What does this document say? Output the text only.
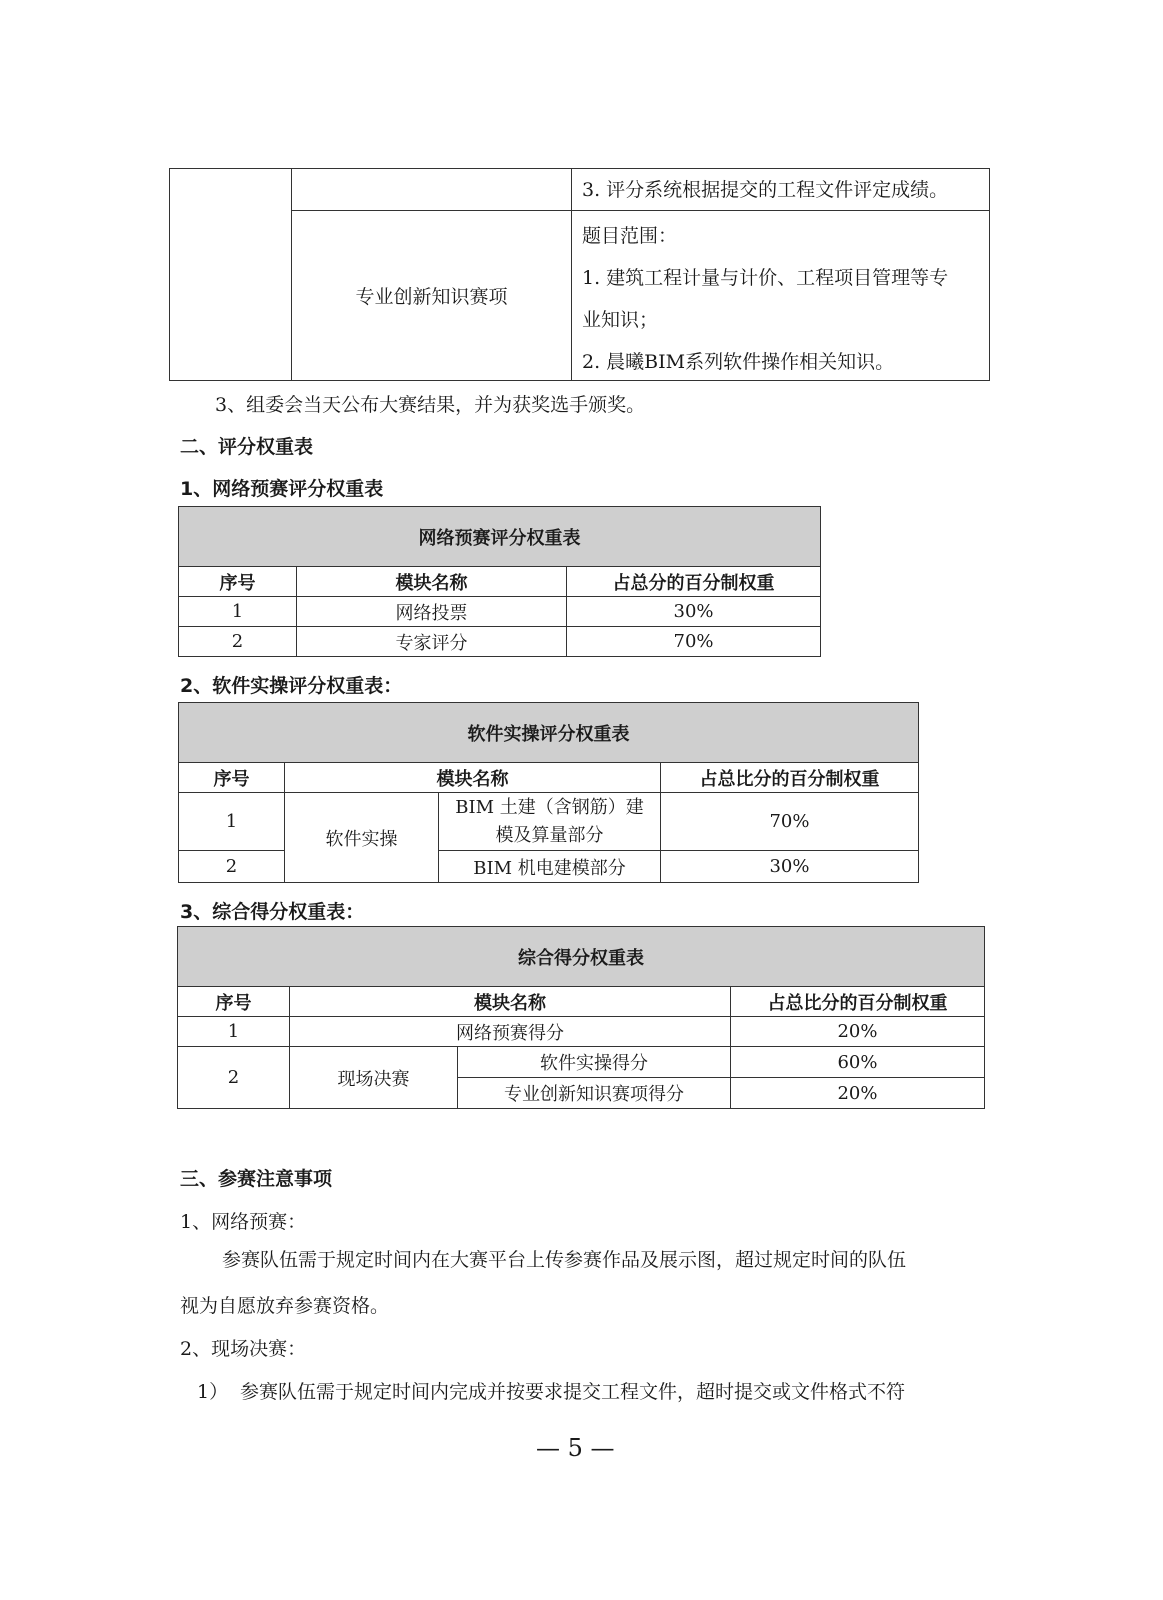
		3. 评分系统根据提交的工程文件评定成绩。
	专业创新知识赛项	题目范围：
1. 建筑工程计量与计价、工程项目管理等专
业知识；
2. 晨曦BIM系列软件操作相关知识。
3、组委会当天公布大赛结果，并为获奖选手颁奖。
二、评分权重表
1、网络预赛评分权重表
网络预赛评分权重表		
序号	模块名称	占总分的百分制权重
1	网络投票	30%
2	专家评分	70%
2、软件实操评分权重表：
软件实操评分权重表			
序号	模块名称		占总比分的百分制权重
1	软件实操	BIM 土建（含钢筋）建
模及算量部分	70%
2		BIM 机电建模部分	30%
3、综合得分权重表：
综合得分权重表			
序号	模块名称		占总比分的百分制权重
1	网络预赛得分		20%
2	现场决赛	软件实操得分	60%
		专业创新知识赛项得分	20%
三、参赛注意事项
1、网络预赛：
参赛队伍需于规定时间内在大赛平台上传参赛作品及展示图，超过规定时间的队伍
视为自愿放弃参赛资格。
2、现场决赛：
1） 参赛队伍需于规定时间内完成并按要求提交工程文件，超时提交或文件格式不符
— 5 —
